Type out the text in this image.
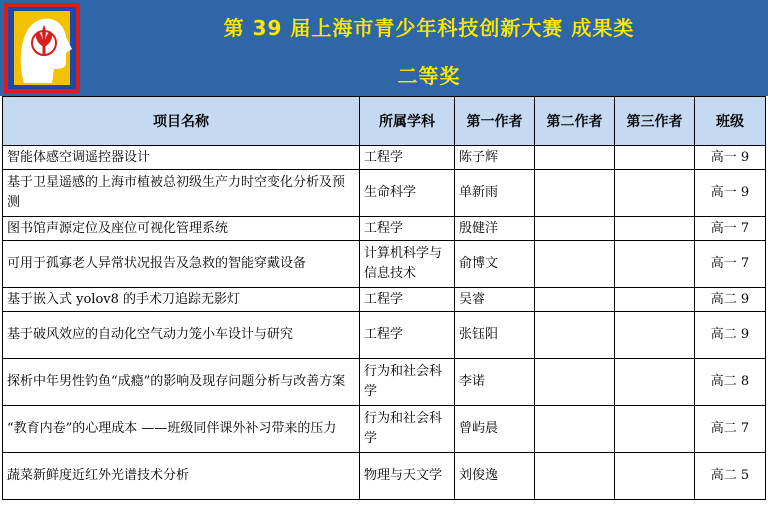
第 39 届上海市青少年科技创新大赛 成果类
二等奖
项目名称	所属学科	第一作者	第二作者	第三作者	班级
智能体感空调遥控器设计	工程学	陈子辉			高一 9
基于卫星遥感的上海市植被总初级生产力时空变化分析及预测	生命科学	单新雨			高一 9
图书馆声源定位及座位可视化管理系统	工程学	殷健洋			高一 7
可用于孤寡老人异常状况报告及急救的智能穿戴设备	计算机科学与信息技术	俞博文			高一 7
基于嵌入式 yolov8 的手术刀追踪无影灯	工程学	吴睿			高二 9
基于破风效应的自动化空气动力笼小车设计与研究	工程学	张钰阳			高二 9
探析中年男性钓鱼“成瘾”的影响及现存问题分析与改善方案	行为和社会科学	李诺			高二 8
“教育内卷”的心理成本 ——班级同伴课外补习带来的压力	行为和社会科学	曾屿晨			高二 7
蔬菜新鲜度近红外光谱技术分析	物理与天文学	刘俊逸			高二 5
